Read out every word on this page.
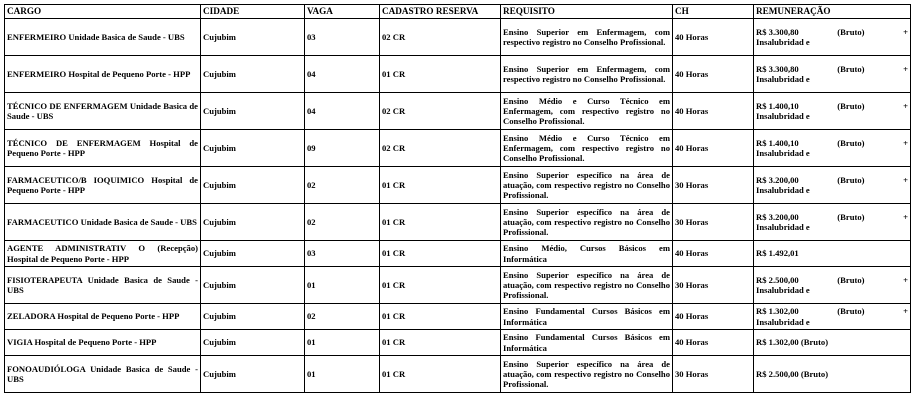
CARGO	CIDADE	VAGA	CADASTRO RESERVA	REQUISITO	CH	REMUNERAÇÃO
ENFERMEIRO Unidade Basica de Saude - UBS	Cujubim	03	02 CR	Ensino Superior em Enfermagem, com respectivo registro no Conselho Profissional.	40 Horas	R$ 3.300,80 (Bruto) +
Insalubridad e

ENFERMEIRO Hospital de Pequeno Porte - HPP	Cujubim	04	01 CR	Ensino Superior em Enfermagem, com respectivo registro no Conselho Profissional.	40 Horas	R$ 3.300,80 (Bruto) +
Insalubridad e

TÉCNICO DE ENFERMAGEM Unidade Basica de Saude - UBS	Cujubim	04	02 CR	Ensino Médio e Curso Técnico em Enfermagem, com respectivo registro no Conselho Profissional.	40 Horas	R$ 1.400,10 (Bruto) +
Insalubridad e

TÉCNICO DE ENFERMAGEM Hospital de Pequeno Porte - HPP	Cujubim	09	02 CR	Ensino Médio e Curso Técnico em Enfermagem, com respectivo registro no Conselho Profissional.	40 Horas	R$ 1.400,10 (Bruto) +
Insalubridad e

FARMACEUTICO/B IOQUIMICO Hospital de Pequeno Porte - HPP	Cujubim	02	01 CR	Ensino Superior específico na área de atuação, com respectivo registro no Conselho Profissional.	30 Horas	R$ 3.200,00 (Bruto) +
Insalubridad e

FARMACEUTICO Unidade Basica de Saude - UBS	Cujubim	02	01 CR	Ensino Superior específico na área de atuação, com respectivo registro no Conselho Profissional.	30 Horas	R$ 3.200,00 (Bruto) +
Insalubridad e

AGENTE ADMINISTRATIV O (Recepção) Hospital de Pequeno Porte - HPP	Cujubim	03	01 CR	Ensino Médio, Cursos Básicos em Informática	40 Horas	R$ 1.492,01

FISIOTERAPEUTA Unidade Basica de Saude - UBS	Cujubim	01	01 CR	Ensino Superior específico na área de atuação, com respectivo registro no Conselho Profissional.	30 Horas	R$ 2.500,00 (Bruto) +
Insalubridad e

ZELADORA Hospital de Pequeno Porte - HPP	Cujubim	02	01 CR	Ensino Fundamental Cursos Básicos em Informática	40 Horas	R$ 1.302,00 (Bruto) +
Insalubridad e

VIGIA Hospital de Pequeno Porte - HPP	Cujubim	01	01 CR	Ensino Fundamental Cursos Básicos em Informática	40 Horas	R$ 1.302,00 (Bruto)

FONOAUDIÓLOGA Unidade Basica de Saude - UBS	Cujubim	01	01 CR	Ensino Superior específico na área de atuação, com respectivo registro no Conselho Profissional.	30 Horas	R$ 2.500,00 (Bruto)
